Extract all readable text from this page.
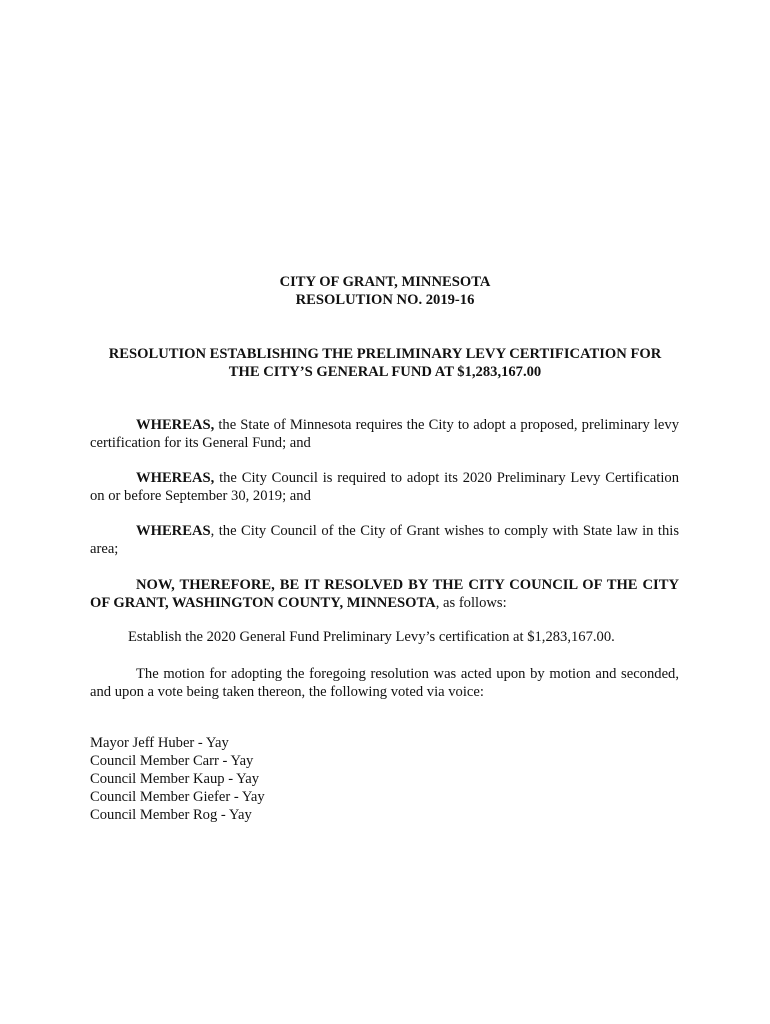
CITY OF GRANT, MINNESOTA
RESOLUTION NO. 2019-16
RESOLUTION ESTABLISHING THE PRELIMINARY LEVY CERTIFICATION FOR
THE CITY’S GENERAL FUND AT $1,283,167.00
WHEREAS, the State of Minnesota requires the City to adopt a proposed, preliminary levy certification for its General Fund; and
WHEREAS, the City Council is required to adopt its 2020 Preliminary Levy Certification on or before September 30, 2019; and
WHEREAS, the City Council of the City of Grant wishes to comply with State law in this area;
NOW, THEREFORE, BE IT RESOLVED BY THE CITY COUNCIL OF THE CITY OF GRANT, WASHINGTON COUNTY, MINNESOTA, as follows:
Establish the 2020 General Fund Preliminary Levy’s certification at $1,283,167.00.
The motion for adopting the foregoing resolution was acted upon by motion and seconded, and upon a vote being taken thereon, the following voted via voice:
Mayor Jeff Huber - Yay
Council Member Carr - Yay
Council Member Kaup - Yay
Council Member Giefer - Yay
Council Member Rog - Yay
